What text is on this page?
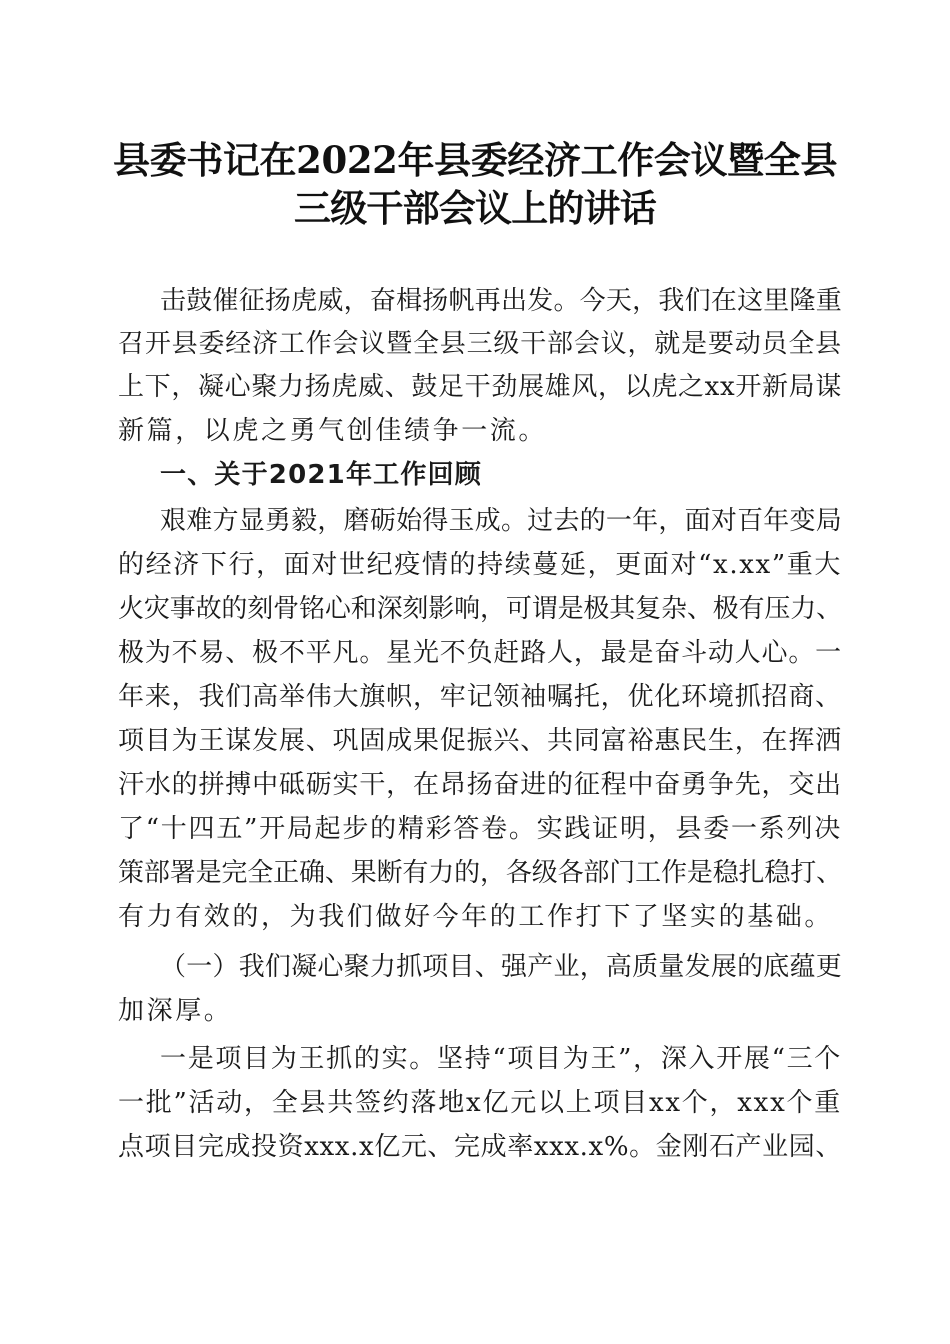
县委书记在2022年县委经济工作会议暨全县
三级干部会议上的讲话
击鼓催征扬虎威，奋楫扬帆再出发。今天，我们在这里隆重
召开县委经济工作会议暨全县三级干部会议，就是要动员全县
上下，凝心聚力扬虎威、鼓足干劲展雄风，以虎之xx开新局谋
新篇，以虎之勇气创佳绩争一流。
一、关于2021年工作回顾
艰难方显勇毅，磨砺始得玉成。过去的一年，面对百年变局
的经济下行，面对世纪疫情的持续蔓延，更面对“x.xx”重大
火灾事故的刻骨铭心和深刻影响，可谓是极其复杂、极有压力、
极为不易、极不平凡。星光不负赶路人，最是奋斗动人心。一
年来，我们高举伟大旗帜，牢记领袖嘱托，优化环境抓招商、
项目为王谋发展、巩固成果促振兴、共同富裕惠民生，在挥洒
汗水的拼搏中砥砺实干，在昂扬奋进的征程中奋勇争先，交出
了“十四五”开局起步的精彩答卷。实践证明，县委一系列决
策部署是完全正确、果断有力的，各级各部门工作是稳扎稳打、
有力有效的，为我们做好今年的工作打下了坚实的基础。
（一）我们凝心聚力抓项目、强产业，高质量发展的底蕴更
加深厚。
一是项目为王抓的实。坚持“项目为王”，深入开展“三个
一批”活动，全县共签约落地x亿元以上项目xx个，xxx个重
点项目完成投资xxx.x亿元、完成率xxx.x%。金刚石产业园、
